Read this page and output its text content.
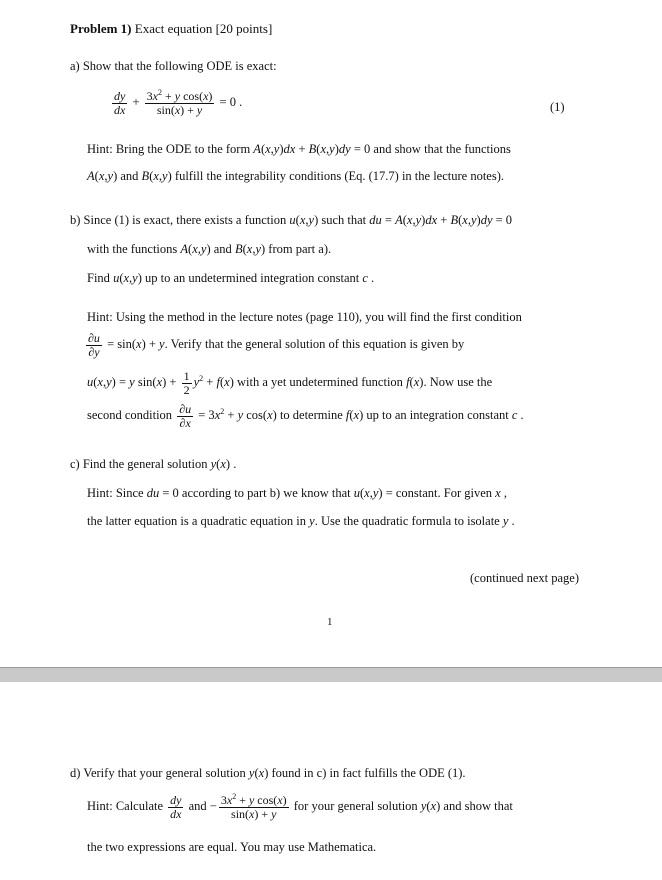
Problem 1) Exact equation [20 points]
a) Show that the following ODE is exact:
$\frac{dy}{dx} + \frac{3x^2 + y \cos(x)}{\sin(x) + y} = 0$ .	(1)
Hint: Bring the ODE to the form A(x,y)dx + B(x,y)dy = 0 and show that the functions
A(x,y) and B(x,y) fulfill the integrability conditions (Eq. (17.7) in the lecture notes).
b) Since (1) is exact, there exists a function u(x,y) such that du = A(x,y)dx + B(x,y)dy = 0
with the functions A(x,y) and B(x,y) from part a).
Find u(x,y) up to an undetermined integration constant c .
Hint: Using the method in the lecture notes (page 110), you will find the first condition
$\frac{\partial u}{\partial y} = \sin(x) + y$. Verify that the general solution of this equation is given by
u(x,y) = y $\sin(x) + \frac{1}{2} y^2 + f(x)$ with a yet undetermined function f(x). Now use the
second condition $\frac{\partial u}{\partial x} = 3x^2 + y$ cos(x) to determine f(x) up to an integration constant c .
c) Find the general solution y(x) .
Hint: Since du = 0 according to part b) we know that u(x,y) = constant. For given x ,
the latter equation is a quadratic equation in y. Use the quadratic formula to isolate y .
(continued next page)
1
d) Verify that your general solution y(x) found in c) in fact fulfills the ODE (1).
Hint: Calculate $\frac{dy}{dx}$ and − $\frac{3x^2 + y \cos(x)}{\sin(x) + y}$ for your general solution y(x) and show that
the two expressions are equal. You may use Mathematica.
